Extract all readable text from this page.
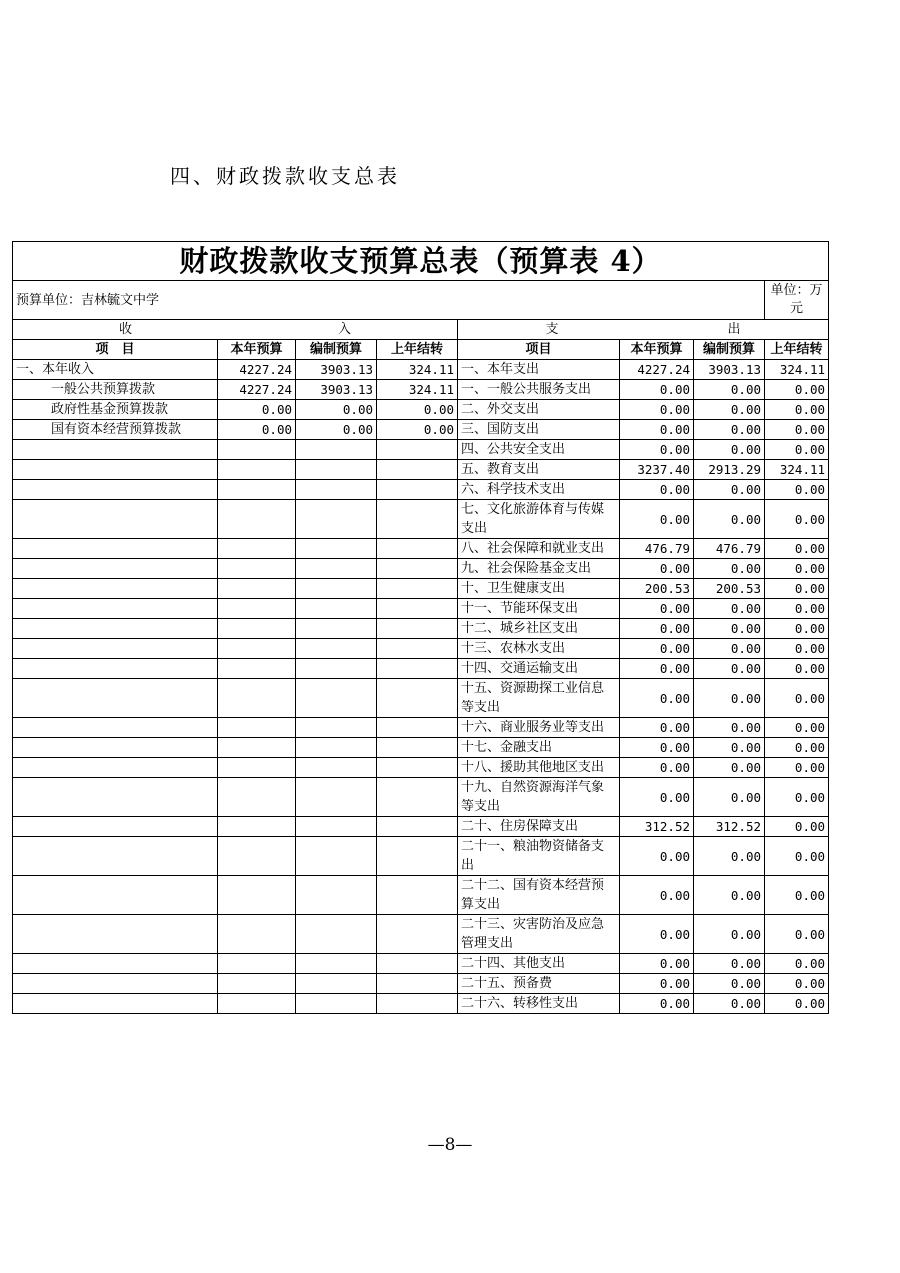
四、财政拨款收支总表
财政拨款收支预算总表（预算表 4）							
预算单位：吉林毓文中学							单位：万元

收 入				支 出			

项　目	本年预算	编制预算	上年结转	项目	本年预算	编制预算	上年结转
一、本年收入	4227.24	3903.13	324.11	一、本年支出	4227.24	3903.13	324.11
一般公共预算拨款	4227.24	3903.13	324.11	一、一般公共服务支出	0.00	0.00	0.00
政府性基金预算拨款	0.00	0.00	0.00	二、外交支出	0.00	0.00	0.00
国有资本经营预算拨款	0.00	0.00	0.00	三、国防支出	0.00	0.00	0.00
				四、公共安全支出	0.00	0.00	0.00
				五、教育支出	3237.40	2913.29	324.11
				六、科学技术支出	0.00	0.00	0.00
				七、文化旅游体育与传媒支出	0.00	0.00	0.00
				八、社会保障和就业支出	476.79	476.79	0.00
				九、社会保险基金支出	0.00	0.00	0.00
				十、卫生健康支出	200.53	200.53	0.00
				十一、节能环保支出	0.00	0.00	0.00
				十二、城乡社区支出	0.00	0.00	0.00
				十三、农林水支出	0.00	0.00	0.00
				十四、交通运输支出	0.00	0.00	0.00
				十五、资源勘探工业信息等支出	0.00	0.00	0.00
				十六、商业服务业等支出	0.00	0.00	0.00
				十七、金融支出	0.00	0.00	0.00
				十八、援助其他地区支出	0.00	0.00	0.00
				十九、自然资源海洋气象等支出	0.00	0.00	0.00
				二十、住房保障支出	312.52	312.52	0.00
				二十一、粮油物资储备支出	0.00	0.00	0.00
				二十二、国有资本经营预算支出	0.00	0.00	0.00
				二十三、灾害防治及应急管理支出	0.00	0.00	0.00
				二十四、其他支出	0.00	0.00	0.00
				二十五、预备费	0.00	0.00	0.00
				二十六、转移性支出	0.00	0.00	0.00
—8—
